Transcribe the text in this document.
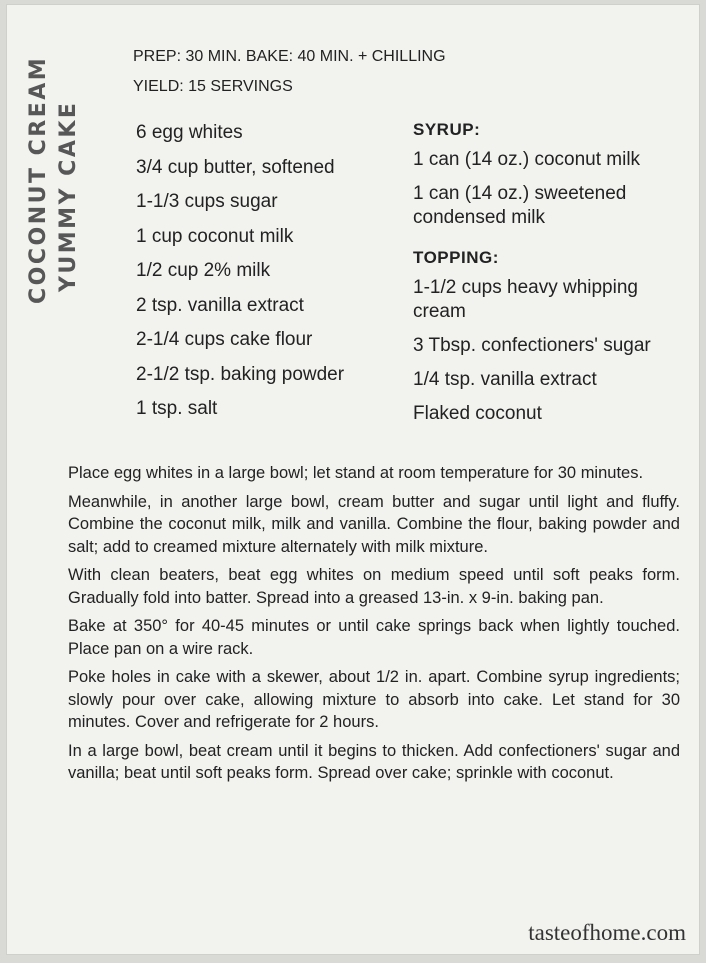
COCONUT CREAM YUMMY CAKE
PREP: 30 MIN. BAKE: 40 MIN. + CHILLING
YIELD: 15 SERVINGS
6 egg whites
3/4 cup butter, softened
1-1/3 cups sugar
1 cup coconut milk
1/2 cup 2% milk
2 tsp. vanilla extract
2-1/4 cups cake flour
2-1/2 tsp. baking powder
1 tsp. salt
SYRUP:
1 can (14 oz.) coconut milk
1 can (14 oz.) sweetened condensed milk
TOPPING:
1-1/2 cups heavy whipping cream
3 Tbsp. confectioners' sugar
1/4 tsp. vanilla extract
Flaked coconut

Place egg whites in a large bowl; let stand at room temperature for 30 minutes.

Meanwhile, in another large bowl, cream butter and sugar until light and fluffy. Combine the coconut milk, milk and vanilla. Combine the flour, baking powder and salt; add to creamed mixture alternately with milk mixture.

With clean beaters, beat egg whites on medium speed until soft peaks form. Gradually fold into batter. Spread into a greased 13-in. x 9-in. baking pan.

Bake at 350° for 40-45 minutes or until cake springs back when lightly touched. Place pan on a wire rack.

Poke holes in cake with a skewer, about 1/2 in. apart. Combine syrup ingredients; slowly pour over cake, allowing mixture to absorb into cake. Let stand for 30 minutes. Cover and refrigerate for 2 hours.

In a large bowl, beat cream until it begins to thicken. Add confectioners' sugar and vanilla; beat until soft peaks form. Spread over cake; sprinkle with coconut.

tasteofhome.com
